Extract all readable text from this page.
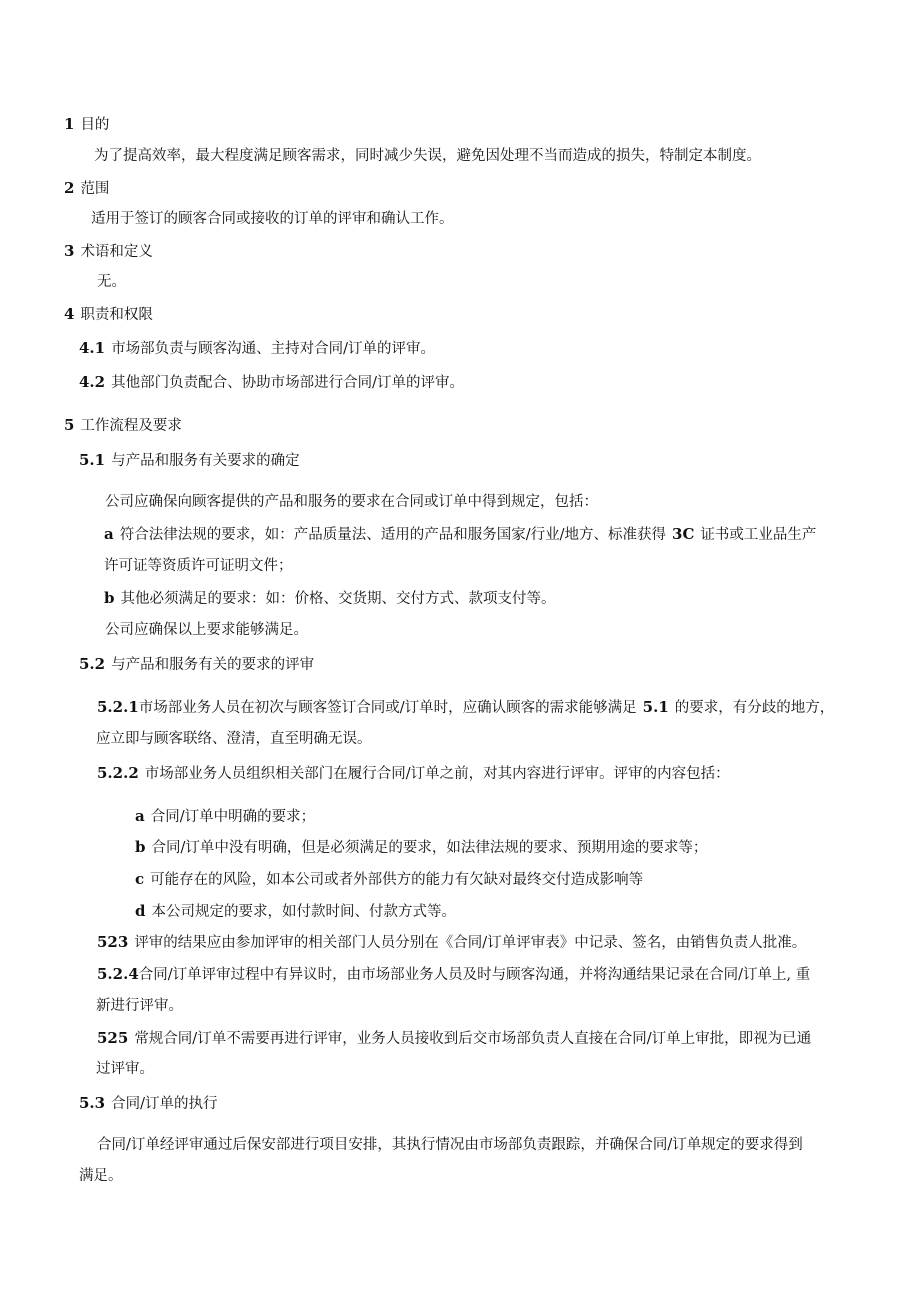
1 目的
为了提高效率，最大程度满足顾客需求，同时减少失误，避免因处理不当而造成的损失，特制定本制度。
2 范围
适用于签订的顾客合同或接收的订单的评审和确认工作。
3 术语和定义
无。
4 职责和权限
4.1 市场部负责与顾客沟通、主持对合同/订单的评审。
4.2 其他部门负责配合、协助市场部进行合同/订单的评审。
5 工作流程及要求
5.1 与产品和服务有关要求的确定
公司应确保向顾客提供的产品和服务的要求在合同或订单中得到规定，包括：
a 符合法律法规的要求，如：产品质量法、适用的产品和服务国家/行业/地方、标准获得 3C 证书或工业品生产
许可证等资质许可证明文件；
b 其他必须满足的要求：如：价格、交货期、交付方式、款项支付等。
公司应确保以上要求能够满足。
5.2 与产品和服务有关的要求的评审
5.2.1市场部业务人员在初次与顾客签订合同或/订单时，应确认顾客的需求能够满足 5.1 的要求，有分歧的地方，
应立即与顾客联络、澄清，直至明确无误。
5.2.2 市场部业务人员组织相关部门在履行合同/订单之前，对其内容进行评审。评审的内容包括：
a 合同/订单中明确的要求；
b 合同/订单中没有明确，但是必须满足的要求，如法律法规的要求、预期用途的要求等；
c 可能存在的风险，如本公司或者外部供方的能力有欠缺对最终交付造成影响等
d 本公司规定的要求，如付款时间、付款方式等。
523 评审的结果应由参加评审的相关部门人员分别在《合同/订单评审表》中记录、签名，由销售负责人批准。
5.2.4合同/订单评审过程中有异议时，由市场部业务人员及时与顾客沟通，并将沟通结果记录在合同/订单上, 重
新进行评审。
525 常规合同/订单不需要再进行评审，业务人员接收到后交市场部负责人直接在合同/订单上审批，即视为已通
过评审。
5.3 合同/订单的执行
合同/订单经评审通过后保安部进行项目安排，其执行情况由市场部负责跟踪，并确保合同/订单规定的要求得到
满足。
